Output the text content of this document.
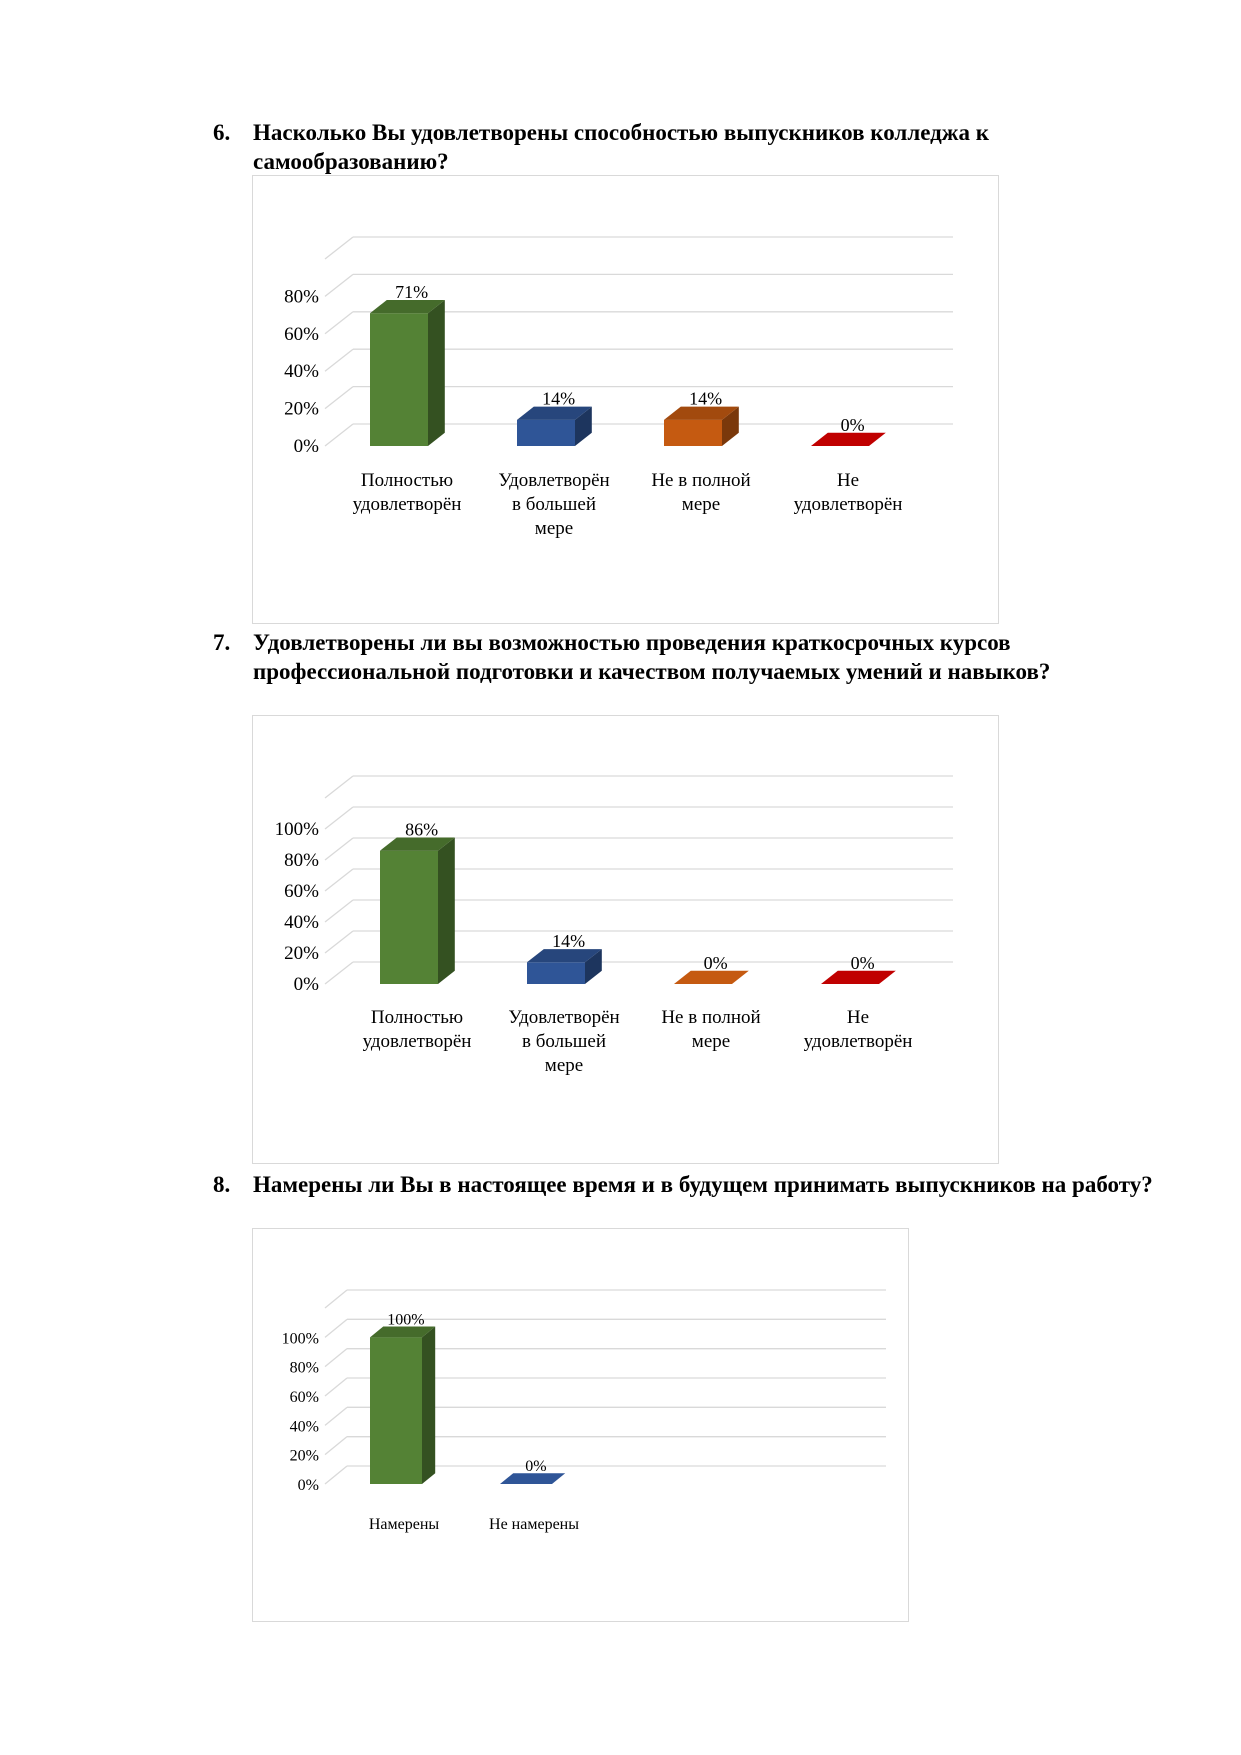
6. Насколько Вы удовлетворены способностью выпускников колледжа к самообразованию?
0%
20%
40%
60%
80%	71%
Полностью
удовлетворён
14%
Удовлетворён
в большей
мере
14%
Не в полной
мере
0%
Не
удовлетворён
7. Удовлетворены ли вы возможностью проведения краткосрочных курсов профессиональной подготовки и качеством получаемых умений и навыков?
0%
20%
40%
60%
80%
100%	86%
Полностью
удовлетворён
14%
Удовлетворён
в большей
мере
0%
Не в полной
мере
0%
Не
удовлетворён
8. Намерены ли Вы в настоящее время и в будущем принимать выпускников на работу?
0%
20%
40%
60%
80%
100%
100%
Намерены
0%
Не намерены
